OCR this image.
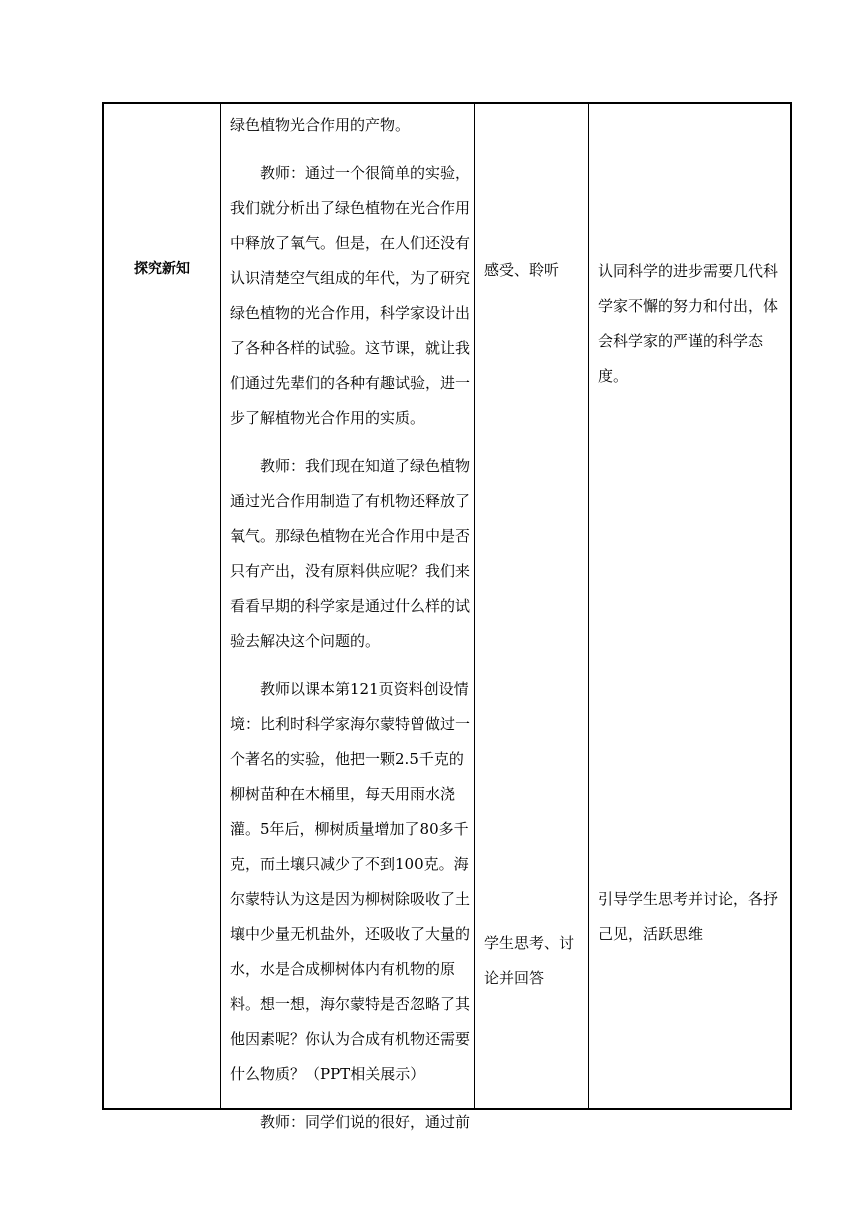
探究新知

绿色植物光合作用的产物。

教师：通过一个很简单的实验，我们就分析出了绿色植物在光合作用中释放了氧气。但是，在人们还没有认识清楚空气组成的年代，为了研究绿色植物的光合作用，科学家设计出了各种各样的试验。这节课，就让我们通过先辈们的各种有趣试验，进一步了解植物光合作用的实质。

教师：我们现在知道了绿色植物通过光合作用制造了有机物还释放了氧气。那绿色植物在光合作用中是否只有产出，没有原料供应呢？我们来看看早期的科学家是通过什么样的试验去解决这个问题的。

教师以课本第121页资料创设情境：比利时科学家海尔蒙特曾做过一个著名的实验，他把一颗2.5千克的柳树苗种在木桶里，每天用雨水浇灌。5年后，柳树质量增加了80多千克，而土壤只减少了不到100克。海尔蒙特认为这是因为柳树除吸收了土壤中少量无机盐外，还吸收了大量的水，水是合成柳树体内有机物的原料。想一想，海尔蒙特是否忽略了其他因素呢？你认为合成有机物还需要什么物质？（PPT相关展示）

教师：同学们说的很好，通过前

感受、聆听
学生思考、讨论并回答
认同科学的进步需要几代科学家不懈的努力和付出，体会科学家的严谨的科学态度。
引导学生思考并讨论，各抒己见，活跃思维
